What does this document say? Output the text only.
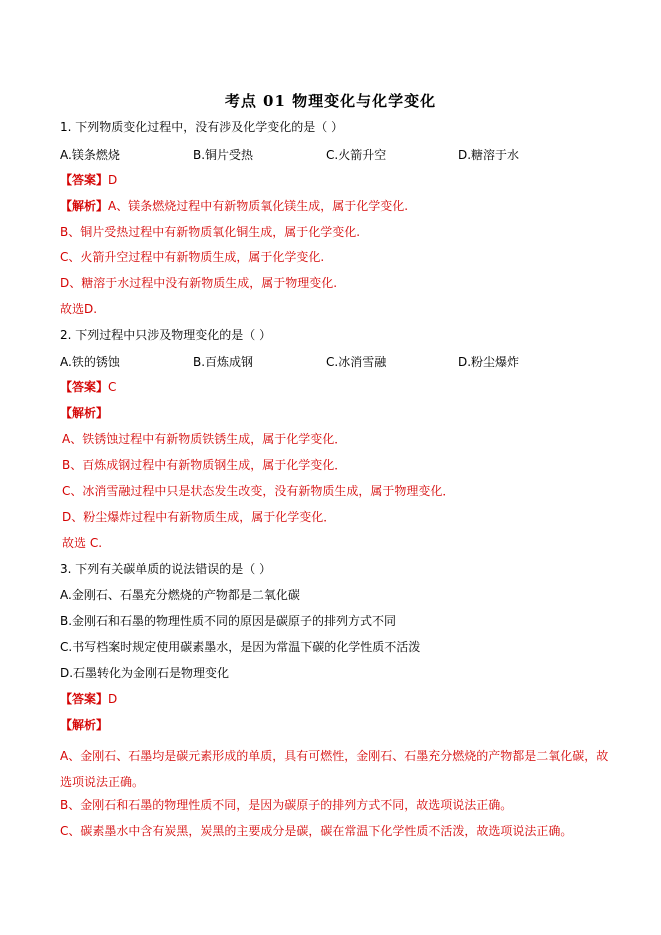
考点 01 物理变化与化学变化
1. 下列物质变化过程中，没有涉及化学变化的是（ ）
A.镁条燃烧	B.铜片受热	C.火箭升空	D.糖溶于水
【答案】D
【解析】A、镁条燃烧过程中有新物质氧化镁生成，属于化学变化.
B、铜片受热过程中有新物质氧化铜生成，属于化学变化.
C、火箭升空过程中有新物质生成，属于化学变化.
D、糖溶于水过程中没有新物质生成，属于物理变化.
故选D.
2. 下列过程中只涉及物理变化的是（ ）
A.铁的锈蚀	B.百炼成钢	C.冰消雪融	D.粉尘爆炸
【答案】C
【解析】
A、铁锈蚀过程中有新物质铁锈生成，属于化学变化．
B、百炼成钢过程中有新物质钢生成，属于化学变化．
C、冰消雪融过程中只是状态发生改变，没有新物质生成，属于物理变化．
D、粉尘爆炸过程中有新物质生成，属于化学变化．
故选 C.
3. 下列有关碳单质的说法错误的是（ ）
A.金刚石、石墨充分燃烧的产物都是二氧化碳
B.金刚石和石墨的物理性质不同的原因是碳原子的排列方式不同
C.书写档案时规定使用碳素墨水，是因为常温下碳的化学性质不活泼
D.石墨转化为金刚石是物理变化
【答案】D
【解析】
A、金刚石、石墨均是碳元素形成的单质，具有可燃性，金刚石、石墨充分燃烧的产物都是二氧化碳，故选项说法正确。
B、金刚石和石墨的物理性质不同，是因为碳原子的排列方式不同，故选项说法正确。
C、碳素墨水中含有炭黑，炭黑的主要成分是碳，碳在常温下化学性质不活泼，故选项说法正确。
